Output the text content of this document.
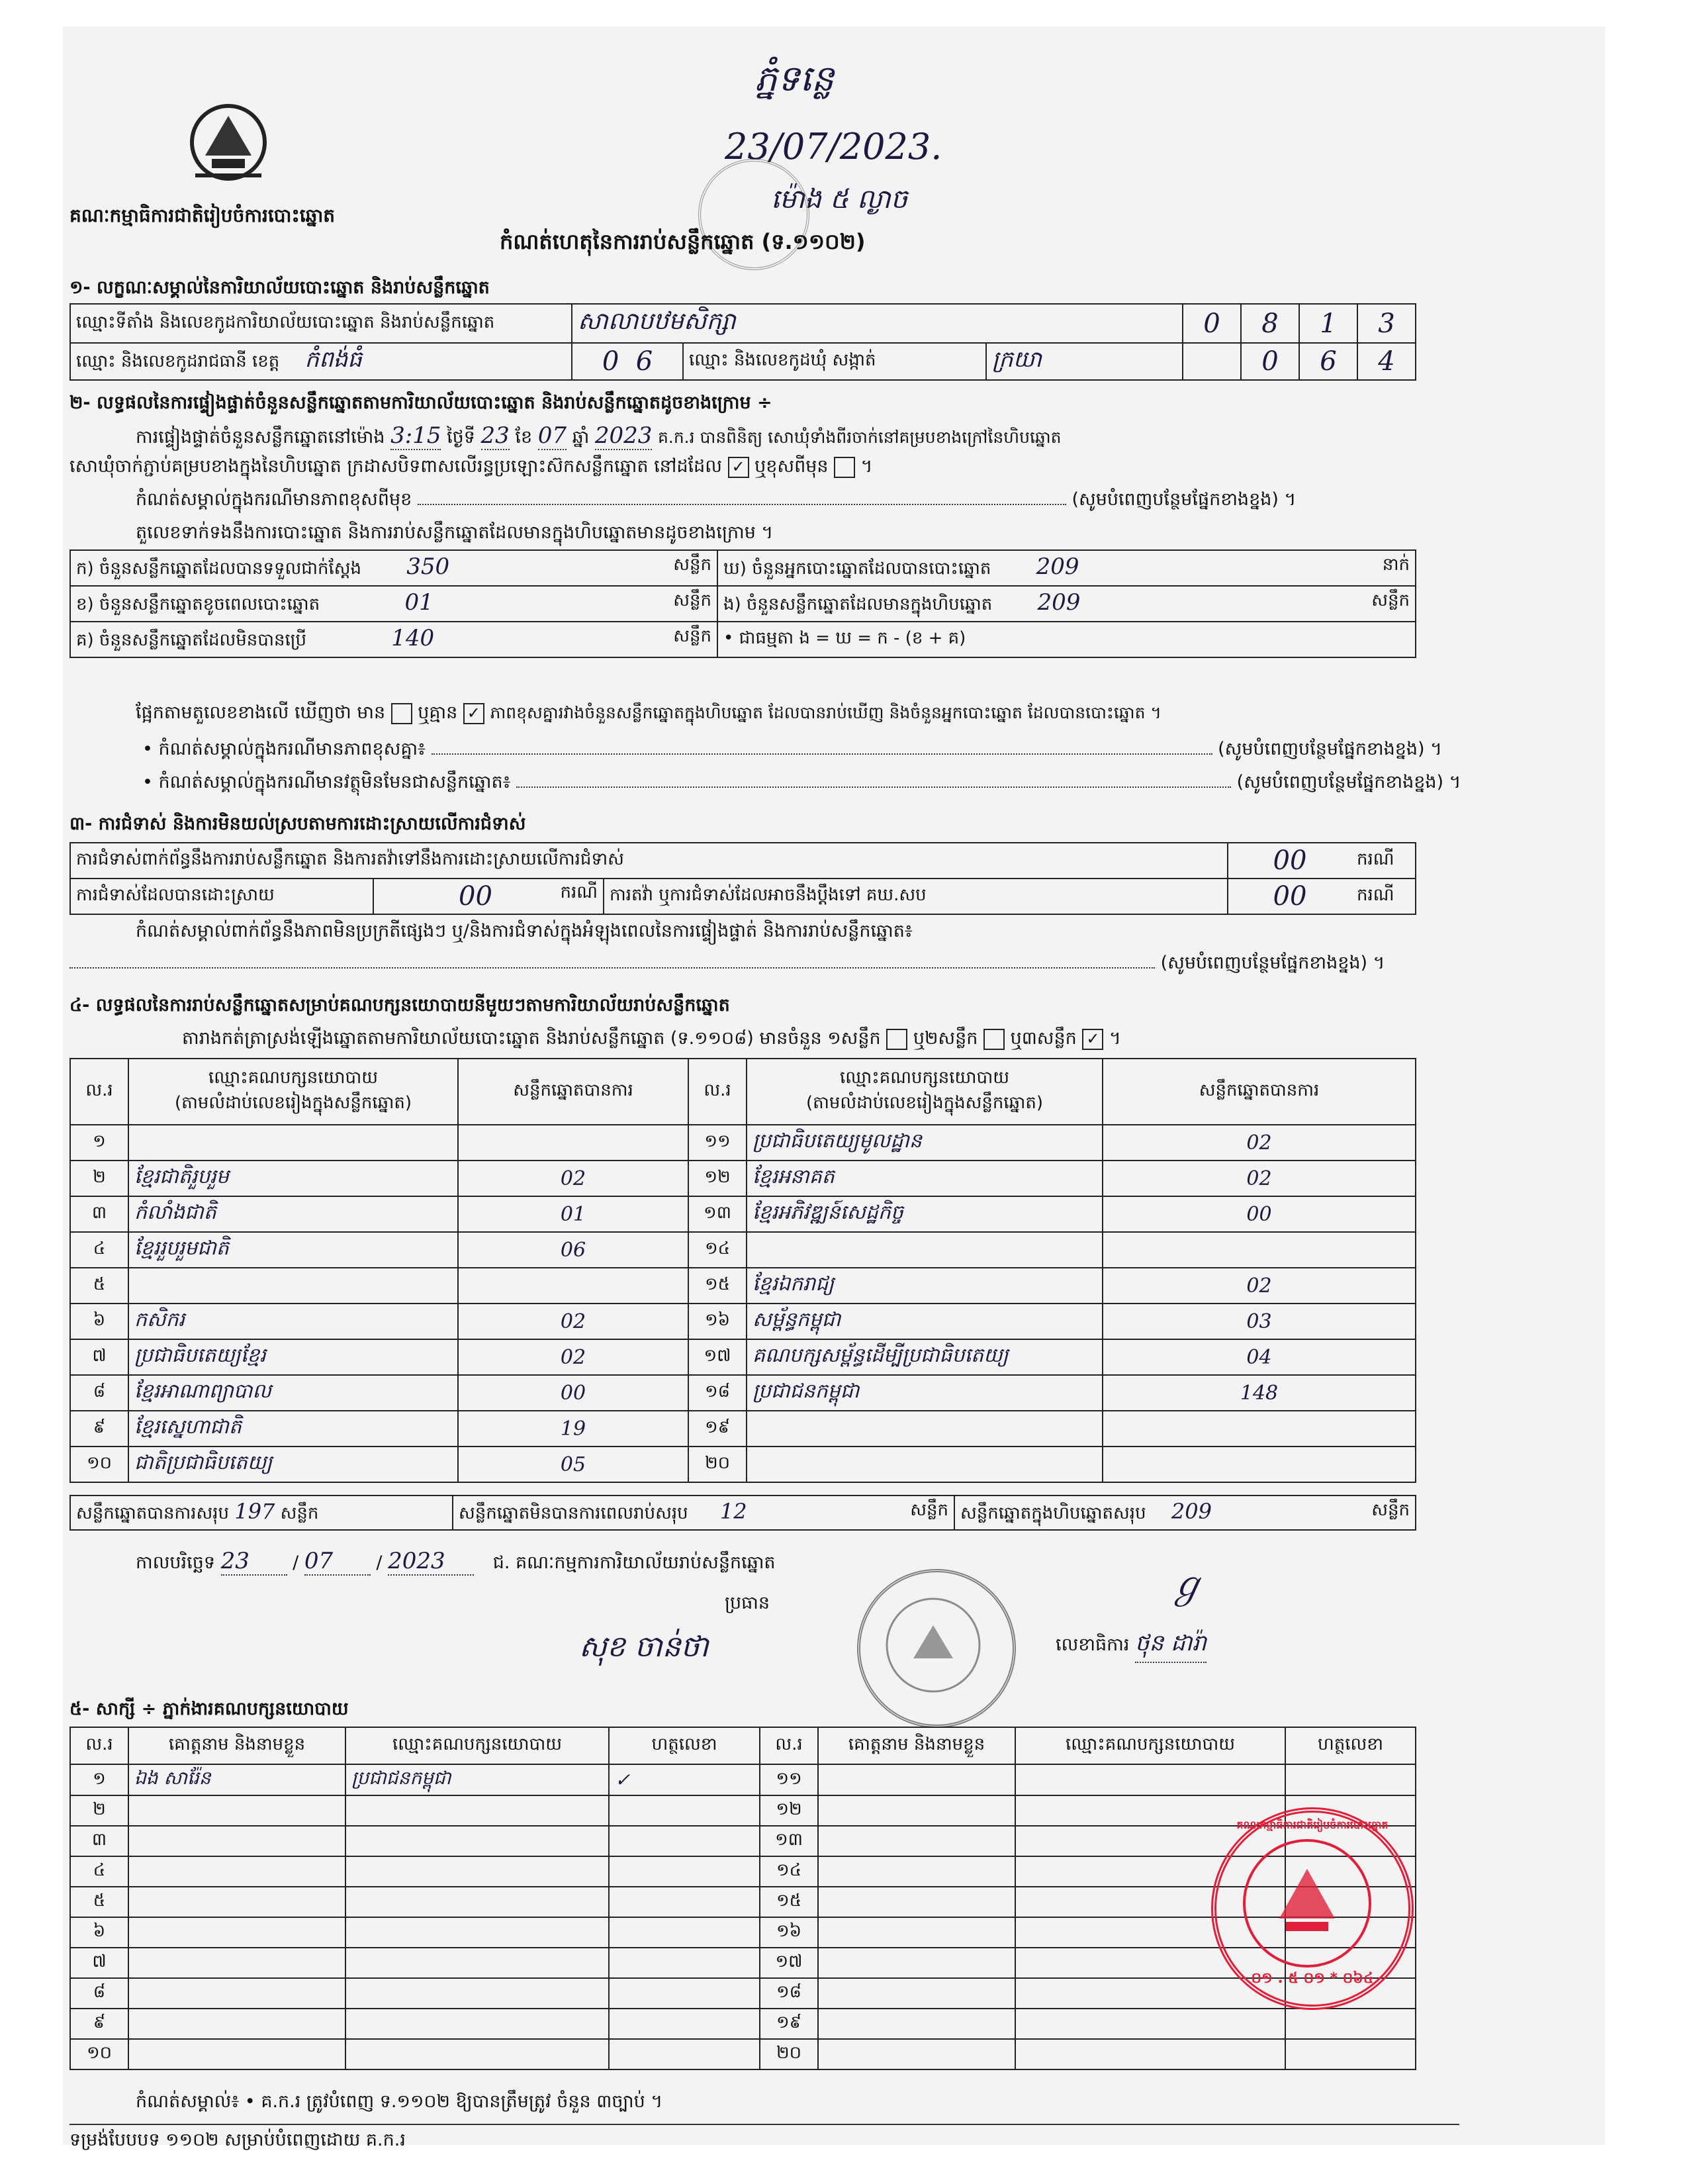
គណៈកម្មាធិការជាតិរៀបចំការបោះឆ្នោត
ភ្នំទន្លេ
23/07/2023.
ម៉ោង ៥ ល្ងាច
កំណត់ហេតុនៃការរាប់សន្លឹកឆ្នោត (ទ.១១០២)
១- លក្ខណៈសម្គាល់នៃការិយាល័យបោះឆ្នោត និងរាប់សន្លឹកឆ្នោត
ឈ្មោះទីតាំង និងលេខកូដការិយាល័យបោះឆ្នោត និងរាប់សន្លឹកឆ្នោត	សាលាបឋមសិក្សា			0	8	1	3
ឈ្មោះ និងលេខកូដរាជធានី ខេត្ត កំពង់ធំ	0 6	ឈ្មោះ និងលេខកូដឃុំ សង្កាត់	ក្រយា		0	6	4
២- លទ្ធផលនៃការផ្ទៀងផ្ទាត់ចំនួនសន្លឹកឆ្នោតតាមការិយាល័យបោះឆ្នោត និងរាប់សន្លឹកឆ្នោតដូចខាងក្រោម ÷
ការផ្ទៀងផ្ទាត់ចំនួនសន្លឹកឆ្នោតនៅម៉ោង 3:15 ថ្ងៃទី 23 ខែ 07 ឆ្នាំ 2023 គ.ក.រ បានពិនិត្យ សោឃុំទាំងពីរចាក់នៅគម្របខាងក្រៅនៃហិបឆ្នោត
សោឃុំចាក់ភ្ជាប់គម្របខាងក្នុងនៃហិបឆ្នោត ក្រដាសបិទពាសលើរន្ធប្រឡោះស៊កសន្លឹកឆ្នោត នៅដដែល ✓ ឬខុសពីមុន  ។
កំណត់សម្គាល់ក្នុងករណីមានភាពខុសពីមុខ	(សូមបំពេញបន្ថែមផ្នែកខាងខ្នង) ។
តួលេខទាក់ទងនឹងការបោះឆ្នោត និងការរាប់សន្លឹកឆ្នោតដែលមានក្នុងហិបឆ្នោតមានដូចខាងក្រោម ។
ក) ចំនួនសន្លឹកឆ្នោតដែលបានទទួលជាក់ស្តែង 350 សន្លឹក	ឃ) ចំនួនអ្នកបោះឆ្នោតដែលបានបោះឆ្នោត 209 នាក់

ខ) ចំនួនសន្លឹកឆ្នោតខូចពេលបោះឆ្នោត 01 សន្លឹក	ង) ចំនួនសន្លឹកឆ្នោតដែលមានក្នុងហិបឆ្នោត 209 សន្លឹក

គ) ចំនួនសន្លឹកឆ្នោតដែលមិនបានប្រើ 140 សន្លឹក	• ជាធម្មតា ង = ឃ = ក - (ខ + គ)
ផ្អែកតាមតួលេខខាងលើ ឃើញថា មាន ឬគ្មាន ✓ ភាពខុសគ្នារវាងចំនួនសន្លឹកឆ្នោតក្នុងហិបឆ្នោត ដែលបានរាប់ឃើញ និងចំនួនអ្នកបោះឆ្នោត ដែលបានបោះឆ្នោត ។
• កំណត់សម្គាល់ក្នុងករណីមានភាពខុសគ្នា៖	(សូមបំពេញបន្ថែមផ្នែកខាងខ្នង) ។
• កំណត់សម្គាល់ក្នុងករណីមានវត្ថុមិនមែនជាសន្លឹកឆ្នោត៖	(សូមបំពេញបន្ថែមផ្នែកខាងខ្នង) ។
៣- ការជំទាស់ និងការមិនយល់ស្របតាមការដោះស្រាយលើការជំទាស់
ការជំទាស់ពាក់ព័ន្ធនឹងការរាប់សន្លឹកឆ្នោត និងការតវ៉ាទៅនឹងការដោះស្រាយលើការជំទាស់			00	ករណី
ការជំទាស់ដែលបានដោះស្រាយ	00 ករណី	ការតវ៉ា ឬការជំទាស់ដែលអាចនឹងប្តឹងទៅ គឃ.សប	00	ករណី
កំណត់សម្គាល់ពាក់ព័ន្ធនឹងភាពមិនប្រក្រតីផ្សេងៗ ឬ/និងការជំទាស់ក្នុងអំឡុងពេលនៃការផ្ទៀងផ្ទាត់ និងការរាប់សន្លឹកឆ្នោត៖
(សូមបំពេញបន្ថែមផ្នែកខាងខ្នង) ។
៤- លទ្ធផលនៃការរាប់សន្លឹកឆ្នោតសម្រាប់គណបក្សនយោបាយនីមួយៗតាមការិយាល័យរាប់សន្លឹកឆ្នោត
តារាងកត់ត្រាស្រង់ឡើងឆ្នោតតាមការិយាល័យបោះឆ្នោត និងរាប់សន្លឹកឆ្នោត (ទ.១១០៨) មានចំនួន ១សន្លឹក ឬ២សន្លឹក ឬ៣សន្លឹក ✓ ។
ល.រ	ឈ្មោះគណបក្សនយោបាយ
(តាមលំដាប់លេខរៀងក្នុងសន្លឹកឆ្នោត)	សន្លឹកឆ្នោតបានការ	ល.រ	ឈ្មោះគណបក្សនយោបាយ
(តាមលំដាប់លេខរៀងក្នុងសន្លឹកឆ្នោត)	សន្លឹកឆ្នោតបានការ
១			១១	ប្រជាធិបតេយ្យមូលដ្ឋាន	02
២	ខ្មែរជាតិរួបរួម	02	១២	ខ្មែរអនាគត	02
៣	កំលាំងជាតិ	01	១៣	ខ្មែរអភិវឌ្ឍន៍សេដ្ឋកិច្ច	00
៤	ខ្មែររួបរួមជាតិ	06	១៤		
៥			១៥	ខ្មែរឯករាជ្យ	02
៦	កសិករ	02	១៦	សម្ព័ន្ធកម្ពុជា	03
៧	ប្រជាធិបតេយ្យខ្មែរ	02	១៧	គណបក្សសម្ព័ន្ធដើម្បីប្រជាធិបតេយ្យ	04
៨	ខ្មែរអាណាព្យាបាល	00	១៨	ប្រជាជនកម្ពុជា	148
៩	ខ្មែរស្នេហាជាតិ	19	១៩		
១០	ជាតិប្រជាធិបតេយ្យ	05	២០		
សន្លឹកឆ្នោតបានការសរុប 197 សន្លឹក	សន្លឹកឆ្នោតមិនបានការពេលរាប់សរុប 12	សន្លឹក	សន្លឹកឆ្នោតក្នុងហិបឆ្នោតសរុប 209	សន្លឹក
កាលបរិច្ឆេទ 23 / 07 / 2023	ជ. គណៈកម្មការការិយាល័យរាប់សន្លឹកឆ្នោត
ប្រធាន
សុខ ចាន់ថា	លេខាធិការ ថុន ដារ៉ា
ℊ
៥- សាក្សី ÷ ភ្នាក់ងារគណបក្សនយោបាយ
ល.រ	គោត្តនាម និងនាមខ្លួន	ឈ្មោះគណបក្សនយោបាយ	ហត្ថលេខា	ល.រ	គោត្តនាម និងនាមខ្លួន	ឈ្មោះគណបក្សនយោបាយ	ហត្ថលេខា
១	ឯង សារ៉ែន	ប្រជាជនកម្ពុជា	✓	១១			
២				១២			
៣				១៣			
៤				១៤			
៥				១៥			
៦				១៦			
៧				១៧			
៨				១៨			
៩				១៩			
១០				២០			
គណៈកម្មាធិការជាតិរៀបចំការបោះឆ្នោត
០១ . ៥ ០១ * ០៦៤
កំណត់សម្គាល់៖ • គ.ក.រ ត្រូវបំពេញ ទ.១១០២ ឱ្យបានត្រឹមត្រូវ ចំនួន ៣ច្បាប់ ។
ទម្រង់បែបបទ ១១០២ សម្រាប់បំពេញដោយ គ.ក.រ
